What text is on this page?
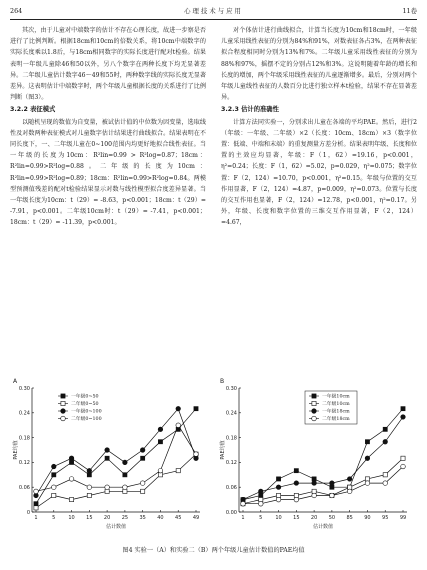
264	心理技术与应用	11卷

其次，由于儿童对中端数字的估计不存在心理长度，故进一步察是否进行了比例判断。根据18cm和10cm的倍数关系，将10cm中端数字的实际长度乘以1.8后，与18cm相同数字的实际长度进行配对t检验。结果表明一年级儿童除46和50以外，另八个数字在两种长度下均无显著差异。二年级儿童估计数字46～49和55时，两种数字线的实际长度无显著差异。这表明估计中端数字时，两个年级儿童根据长度的关系进行了比例判断（图3）。

3.2.2 表征模式

以随机呈现的数值为自变量，被试估计值的中位数为因变量，选取线性及对数两种表征模式对儿童数字估计结果进行曲线拟合。结果表明在不同长度下，一、二年级儿童在0~100范围内均更好地拟合线性表征。当一年级的长度为10cm：R²lin=0.99 > R²log=0.87；18cm：R²lin=0.99>R²log=0.88。二年级的长度为10cm：R²lin=0.99>R²log=0.89；18cm：R²lin=0.99>R²log=0.84。两模型预测值残差的配对t检验结果显示对数与线性模型拟合度差异显著。当一年级长度为10cm：t（29）= -8.63，p<0.001；18cm：t（29）= -7.91，p<0.001。二年级10cm时：t（29）= -7.41，p<0.001；18cm：t（29）= -11.39，p<0.001。

对个体估计进行曲线拟合，计算当长度为10cm和18cm时，一年级儿童采用线性表征的分别为84%和91%，对数表征各占3%，在两种表征拟合程度相同时分别为13%和7%。二年级儿童采用线性表征的分别为88%和97%，摇摆不定的分别占12%和3%。这说明随着年龄的增长和长度的增加，两个年级采用线性表征的儿童逐渐增多。最后，分别对两个年级儿童线性表征的人数百分比进行独立样本t检验，结果不存在显著差异。

3.2.3 估计的准确性

计算方法同实验一，分别求出儿童在各端的平均PAE。然后，进行2（年级：一年级、二年级）×2（长度：10cm、18cm）×3（数字位置：低端、中端和末端）的重复测量方差分析。结果表明年级、长度和位置的主效应均显著，年级：F（1，62）=19.16，p<0.001，η²=0.24；长度：F（1，62）=5.02，p=0.029，η²=0.075；数字位置：F（2，124）=10.70，p<0.001，η²=0.15。年级与位置的交互作用显著，F（2，124）=4.87，p=0.009，η²=0.073。位置与长度的交互作用也显著，F（2，124）=12.78，p<0.001，η²=0.17。另外，年级、长度和数字位置的三维交互作用显著，F（2，124）=4.67，

A
0
0.06
0.12
0.18
0.24
0.30
1	5	10 15 20 25 35 40 45 49
估计数值
PAE均值
一年级0~50
二年级0~50
一年级0~100
二年级0~100
B
0.00
0.06
0.12
0.18
0.24
0.30
1	5	10 15 20 50 85 90 95 99
估计数值
PAE均值
一年级10cm
二年级10cm
一年级18cm
二年级18cm
图4 实验一（A）和实验二（B）两个年级儿童估计数值的PAE均值
